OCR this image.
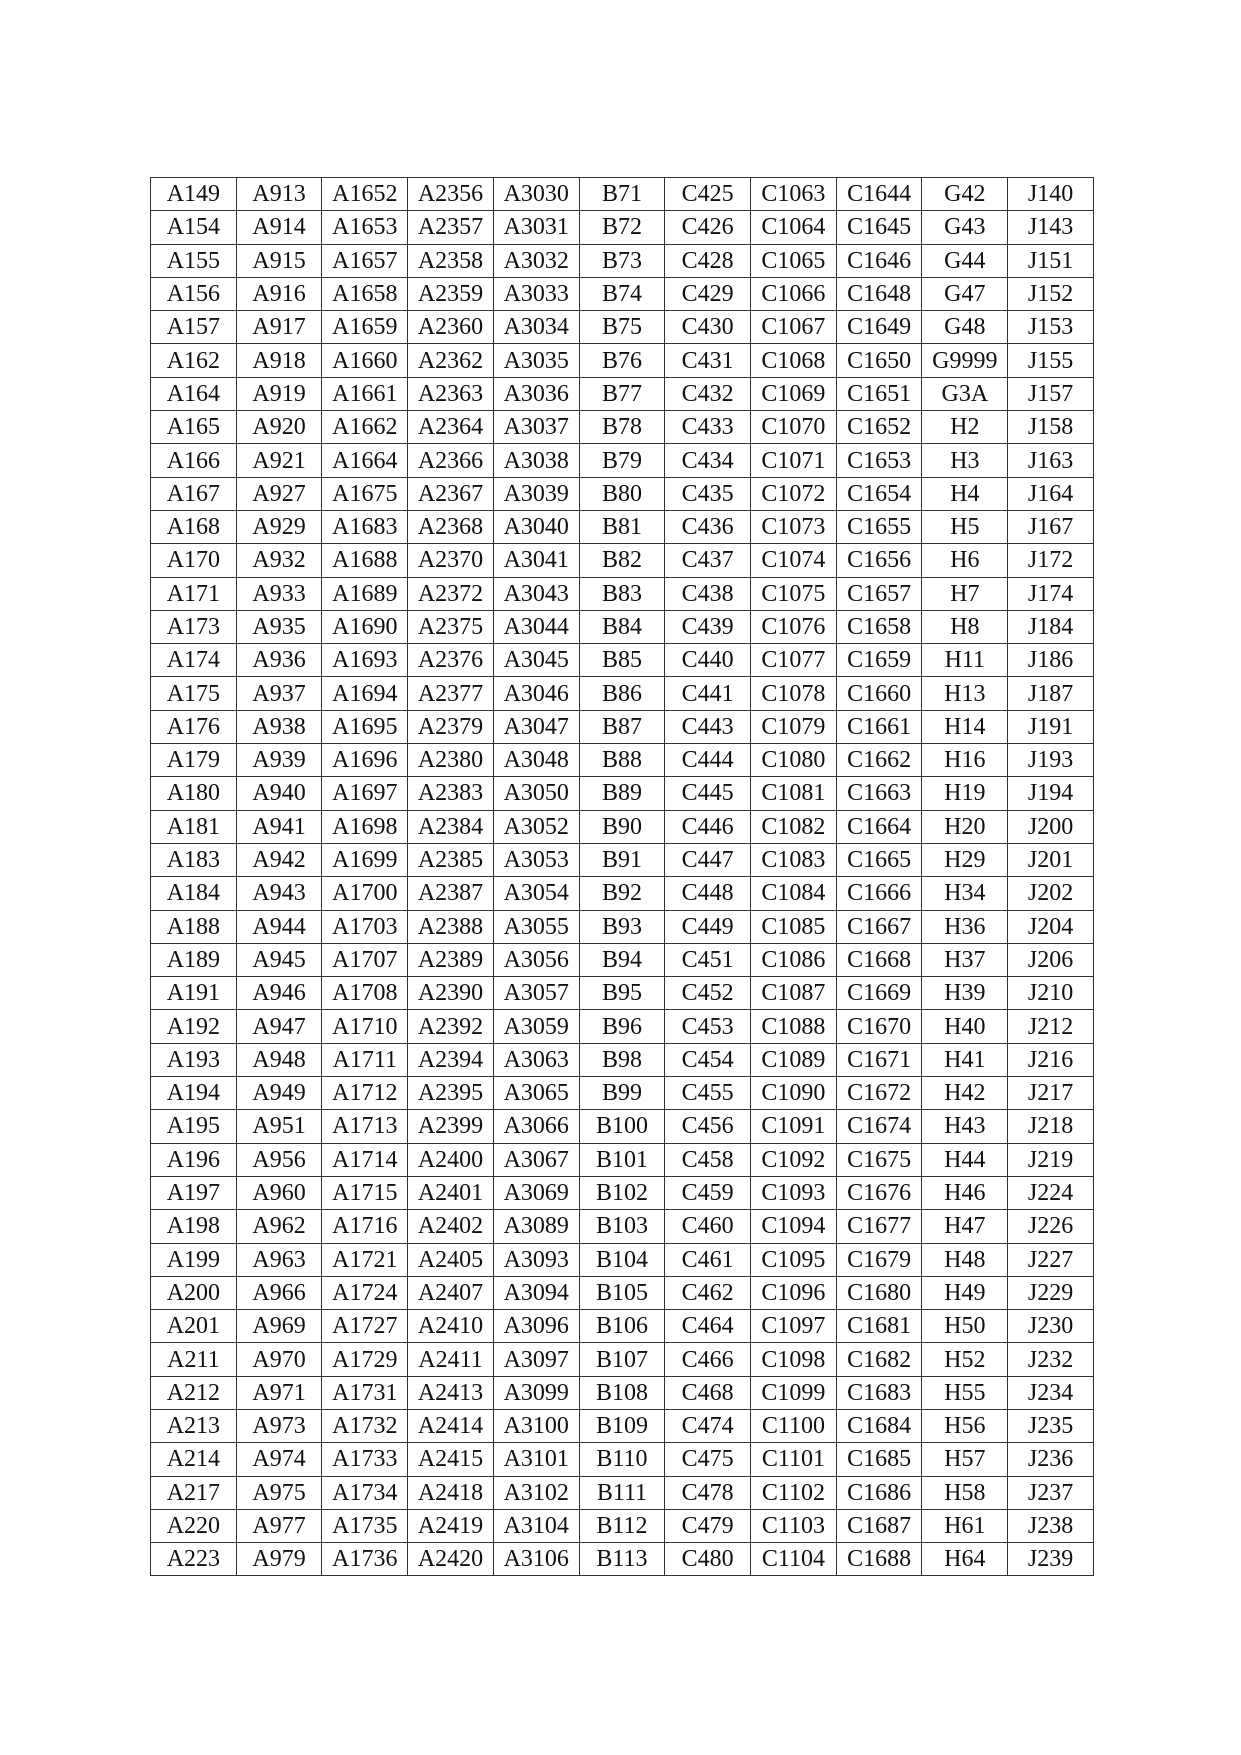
A149	A913	A1652	A2356	A3030	B71	C425	C1063	C1644	G42	J140
A154	A914	A1653	A2357	A3031	B72	C426	C1064	C1645	G43	J143
A155	A915	A1657	A2358	A3032	B73	C428	C1065	C1646	G44	J151
A156	A916	A1658	A2359	A3033	B74	C429	C1066	C1648	G47	J152
A157	A917	A1659	A2360	A3034	B75	C430	C1067	C1649	G48	J153
A162	A918	A1660	A2362	A3035	B76	C431	C1068	C1650	G9999	J155
A164	A919	A1661	A2363	A3036	B77	C432	C1069	C1651	G3A	J157
A165	A920	A1662	A2364	A3037	B78	C433	C1070	C1652	H2	J158
A166	A921	A1664	A2366	A3038	B79	C434	C1071	C1653	H3	J163
A167	A927	A1675	A2367	A3039	B80	C435	C1072	C1654	H4	J164
A168	A929	A1683	A2368	A3040	B81	C436	C1073	C1655	H5	J167
A170	A932	A1688	A2370	A3041	B82	C437	C1074	C1656	H6	J172
A171	A933	A1689	A2372	A3043	B83	C438	C1075	C1657	H7	J174
A173	A935	A1690	A2375	A3044	B84	C439	C1076	C1658	H8	J184
A174	A936	A1693	A2376	A3045	B85	C440	C1077	C1659	H11	J186
A175	A937	A1694	A2377	A3046	B86	C441	C1078	C1660	H13	J187
A176	A938	A1695	A2379	A3047	B87	C443	C1079	C1661	H14	J191
A179	A939	A1696	A2380	A3048	B88	C444	C1080	C1662	H16	J193
A180	A940	A1697	A2383	A3050	B89	C445	C1081	C1663	H19	J194
A181	A941	A1698	A2384	A3052	B90	C446	C1082	C1664	H20	J200
A183	A942	A1699	A2385	A3053	B91	C447	C1083	C1665	H29	J201
A184	A943	A1700	A2387	A3054	B92	C448	C1084	C1666	H34	J202
A188	A944	A1703	A2388	A3055	B93	C449	C1085	C1667	H36	J204
A189	A945	A1707	A2389	A3056	B94	C451	C1086	C1668	H37	J206
A191	A946	A1708	A2390	A3057	B95	C452	C1087	C1669	H39	J210
A192	A947	A1710	A2392	A3059	B96	C453	C1088	C1670	H40	J212
A193	A948	A1711	A2394	A3063	B98	C454	C1089	C1671	H41	J216
A194	A949	A1712	A2395	A3065	B99	C455	C1090	C1672	H42	J217
A195	A951	A1713	A2399	A3066	B100	C456	C1091	C1674	H43	J218
A196	A956	A1714	A2400	A3067	B101	C458	C1092	C1675	H44	J219
A197	A960	A1715	A2401	A3069	B102	C459	C1093	C1676	H46	J224
A198	A962	A1716	A2402	A3089	B103	C460	C1094	C1677	H47	J226
A199	A963	A1721	A2405	A3093	B104	C461	C1095	C1679	H48	J227
A200	A966	A1724	A2407	A3094	B105	C462	C1096	C1680	H49	J229
A201	A969	A1727	A2410	A3096	B106	C464	C1097	C1681	H50	J230
A211	A970	A1729	A2411	A3097	B107	C466	C1098	C1682	H52	J232
A212	A971	A1731	A2413	A3099	B108	C468	C1099	C1683	H55	J234
A213	A973	A1732	A2414	A3100	B109	C474	C1100	C1684	H56	J235
A214	A974	A1733	A2415	A3101	B110	C475	C1101	C1685	H57	J236
A217	A975	A1734	A2418	A3102	B111	C478	C1102	C1686	H58	J237
A220	A977	A1735	A2419	A3104	B112	C479	C1103	C1687	H61	J238
A223	A979	A1736	A2420	A3106	B113	C480	C1104	C1688	H64	J239
